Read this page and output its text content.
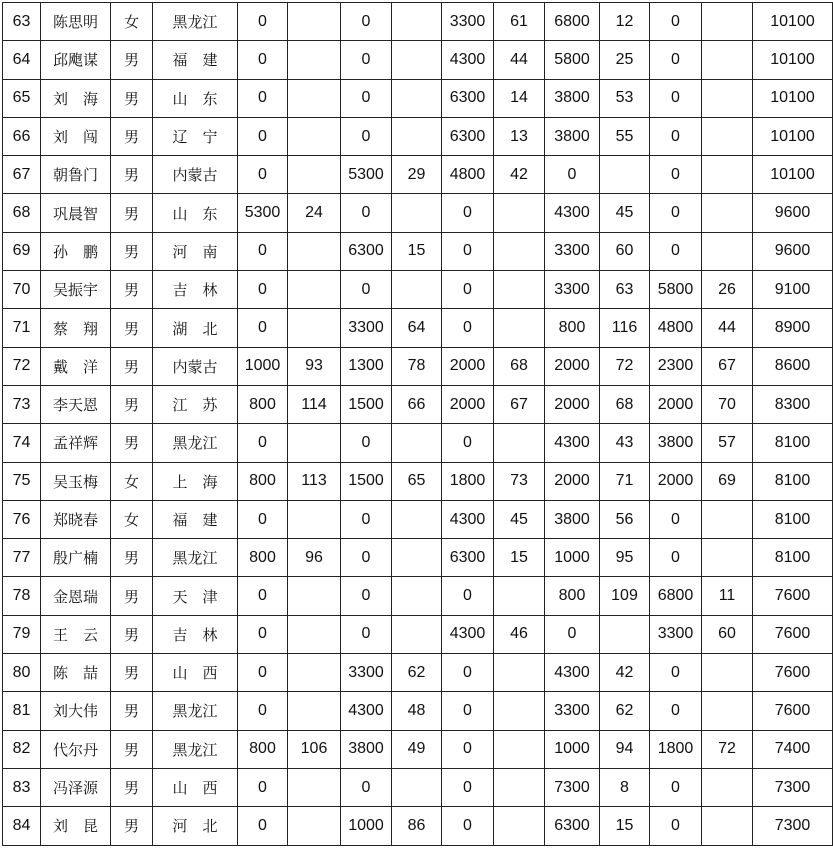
63	陈思明	女	黑龙江	0		0		3300	61	6800	12	0		10100
64	邱飑谋	男	福　建	0		0		4300	44	5800	25	0		10100
65	刘　海	男	山　东	0		0		6300	14	3800	53	0		10100
66	刘　闯	男	辽　宁	0		0		6300	13	3800	55	0		10100
67	朝鲁门	男	内蒙古	0		5300	29	4800	42	0		0		10100
68	巩晨智	男	山　东	5300	24	0		0		4300	45	0		9600
69	孙　鹏	男	河　南	0		6300	15	0		3300	60	0		9600
70	吴振宇	男	吉　林	0		0		0		3300	63	5800	26	9100
71	蔡　翔	男	湖　北	0		3300	64	0		800	116	4800	44	8900
72	戴　洋	男	内蒙古	1000	93	1300	78	2000	68	2000	72	2300	67	8600
73	李天恩	男	江　苏	800	114	1500	66	2000	67	2000	68	2000	70	8300
74	孟祥辉	男	黑龙江	0		0		0		4300	43	3800	57	8100
75	吴玉梅	女	上　海	800	113	1500	65	1800	73	2000	71	2000	69	8100
76	郑晓春	女	福　建	0		0		4300	45	3800	56	0		8100
77	殷广楠	男	黑龙江	800	96	0		6300	15	1000	95	0		8100
78	金恩瑞	男	天　津	0		0		0		800	109	6800	11	7600
79	王　云	男	吉　林	0		0		4300	46	0		3300	60	7600
80	陈　喆	男	山　西	0		3300	62	0		4300	42	0		7600
81	刘大伟	男	黑龙江	0		4300	48	0		3300	62	0		7600
82	代尔丹	男	黑龙江	800	106	3800	49	0		1000	94	1800	72	7400
83	冯泽源	男	山　西	0		0		0		7300	8	0		7300
84	刘　昆	男	河　北	0		1000	86	0		6300	15	0		7300
